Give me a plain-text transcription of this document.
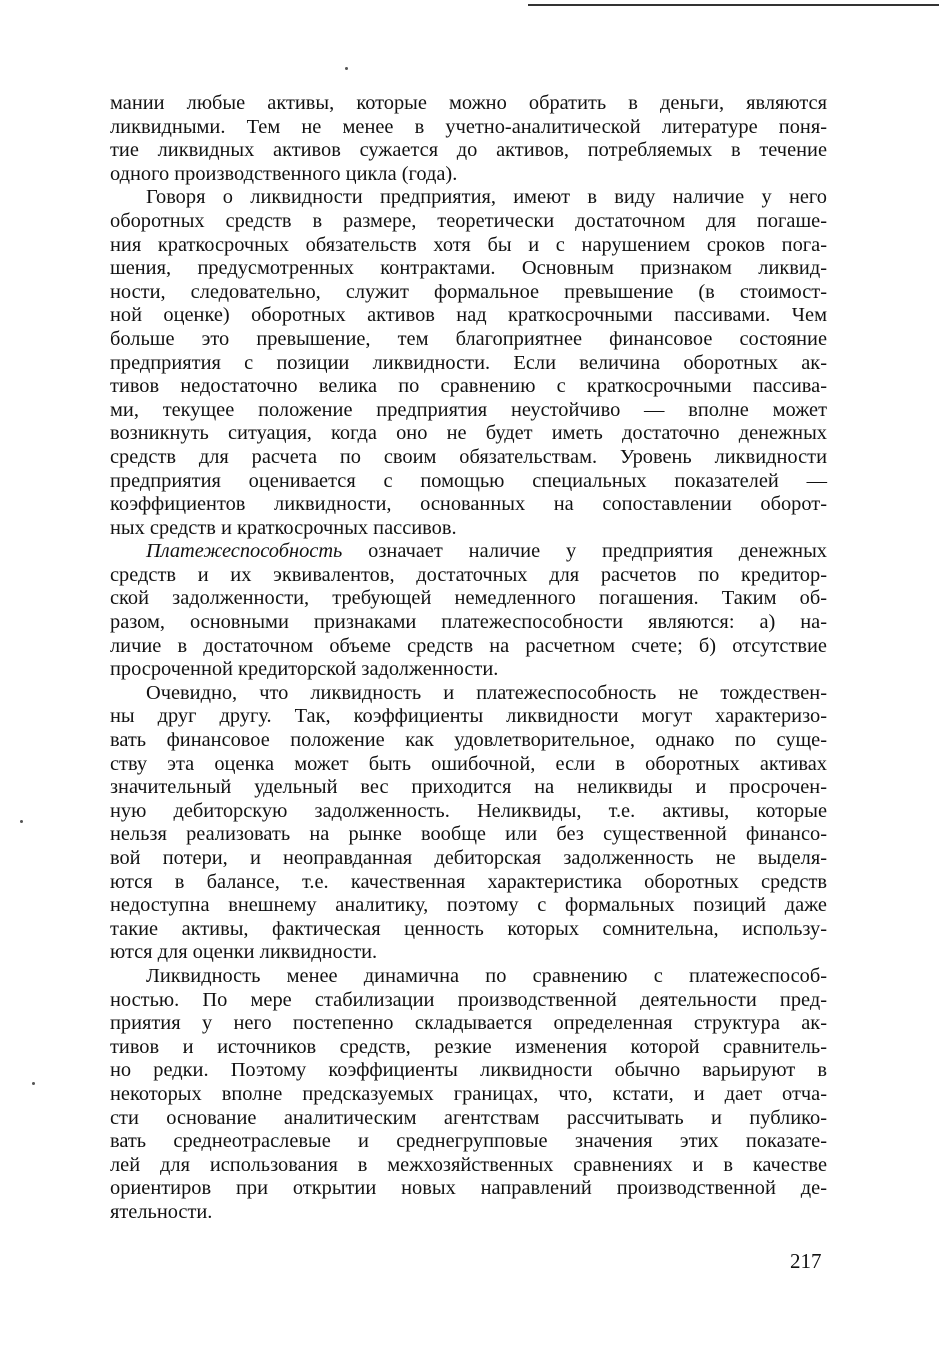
мании любые активы, которые можно обратить в деньги, являются
ликвидными. Тем не менее в учетно-аналитической литературе поня-
тие ликвидных активов сужается до активов, потребляемых в течение
одного производственного цикла (года).

Говоря о ликвидности предприятия, имеют в виду наличие у него
оборотных средств в размере, теоретически достаточном для погаше-
ния краткосрочных обязательств хотя бы и с нарушением сроков пога-
шения, предусмотренных контрактами. Основным признаком ликвид-
ности, следовательно, служит формальное превышение (в стоимост-
ной оценке) оборотных активов над краткосрочными пассивами. Чем
больше это превышение, тем благоприятнее финансовое состояние
предприятия с позиции ликвидности. Если величина оборотных ак-
тивов недостаточно велика по сравнению с краткосрочными пассива-
ми, текущее положение предприятия неустойчиво — вполне может
возникнуть ситуация, когда оно не будет иметь достаточно денежных
средств для расчета по своим обязательствам. Уровень ликвидности
предприятия оценивается с помощью специальных показателей —
коэффициентов ликвидности, основанных на сопоставлении оборот-
ных средств и краткосрочных пассивов.

Платежеспособность означает наличие у предприятия денежных
средств и их эквивалентов, достаточных для расчетов по кредитор-
ской задолженности, требующей немедленного погашения. Таким об-
разом, основными признаками платежеспособности являются: а) на-
личие в достаточном объеме средств на расчетном счете; б) отсутствие
просроченной кредиторской задолженности.

Очевидно, что ликвидность и платежеспособность не тождествен-
ны друг другу. Так, коэффициенты ликвидности могут характеризо-
вать финансовое положение как удовлетворительное, однако по суще-
ству эта оценка может быть ошибочной, если в оборотных активах
значительный удельный вес приходится на неликвиды и просрочен-
ную дебиторскую задолженность. Неликвиды, т.е. активы, которые
нельзя реализовать на рынке вообще или без существенной финансо-
вой потери, и неоправданная дебиторская задолженность не выделя-
ются в балансе, т.е. качественная характеристика оборотных средств
недоступна внешнему аналитику, поэтому с формальных позиций даже
такие активы, фактическая ценность которых сомнительна, использу-
ются для оценки ликвидности.

Ликвидность менее динамична по сравнению с платежеспособ-
ностью. По мере стабилизации производственной деятельности пред-
приятия у него постепенно складывается определенная структура ак-
тивов и источников средств, резкие изменения которой сравнитель-
но редки. Поэтому коэффициенты ликвидности обычно варьируют в
некоторых вполне предсказуемых границах, что, кстати, и дает отча-
сти основание аналитическим агентствам рассчитывать и публико-
вать среднеотраслевые и среднегрупповые значения этих показате-
лей для использования в межхозяйственных сравнениях и в качестве
ориентиров при открытии новых направлений производственной де-
ятельности.

217
